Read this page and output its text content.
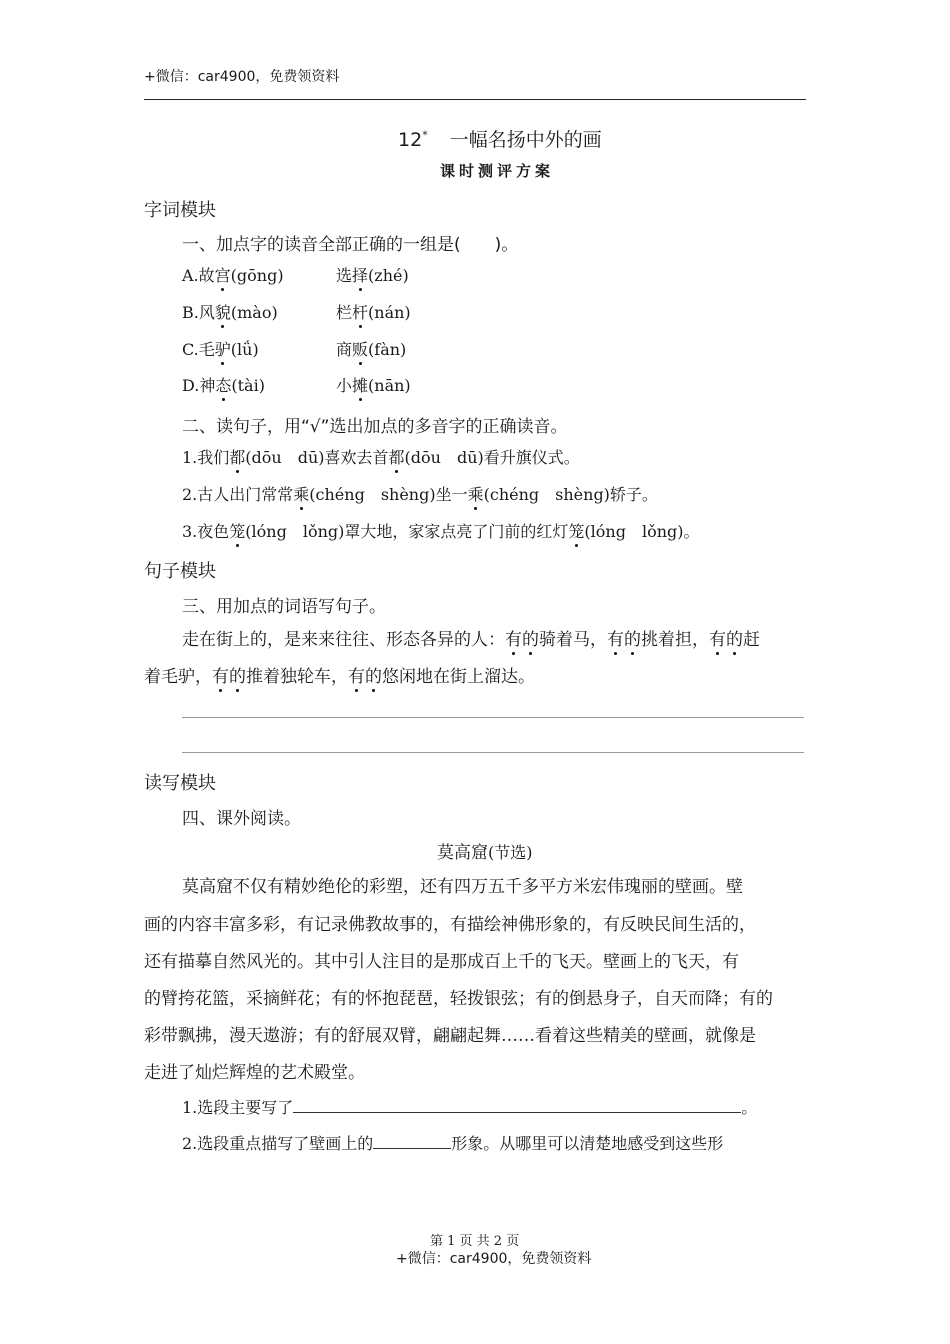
+微信：car4900，免费领资料
12* 一幅名扬中外的画
课时测评方案
字词模块
一、加点字的读音全部正确的一组是(　　)。
A.故宫(gōng)	选择(zhé)
B.风貌(mào)	栏杆(nán)
C.毛驴(lǘ)	商贩(fàn)
D.神态(tài)	小摊(nān)
二、读句子，用“√”选出加点的多音字的正确读音。
1.我们都(dōu　dū)喜欢去首都(dōu　dū)看升旗仪式。
2.古人出门常常乘(chéng　shèng)坐一乘(chéng　shèng)轿子。
3.夜色笼(lóng　lǒng)罩大地，家家点亮了门前的红灯笼(lóng　lǒng)。
句子模块
三、用加点的词语写句子。
走在街上的，是来来往往、形态各异的人：有的骑着马，有的挑着担，有的赶
着毛驴，有的推着独轮车，有的悠闲地在街上溜达。
读写模块
四、课外阅读。
莫高窟(节选)
莫高窟不仅有精妙绝伦的彩塑，还有四万五千多平方米宏伟瑰丽的壁画。壁
画的内容丰富多彩，有记录佛教故事的，有描绘神佛形象的，有反映民间生活的，
还有描摹自然风光的。其中引人注目的是那成百上千的飞天。壁画上的飞天，有
的臂挎花篮，采摘鲜花；有的怀抱琵琶，轻拨银弦；有的倒悬身子，自天而降；有的
彩带飘拂，漫天遨游；有的舒展双臂，翩翩起舞……看着这些精美的壁画，就像是
走进了灿烂辉煌的艺术殿堂。
1.选段主要写了	。
2.选段重点描写了壁画上的	形象。从哪里可以清楚地感受到这些形
第 1 页 共 2 页
+微信：car4900，免费领资料
